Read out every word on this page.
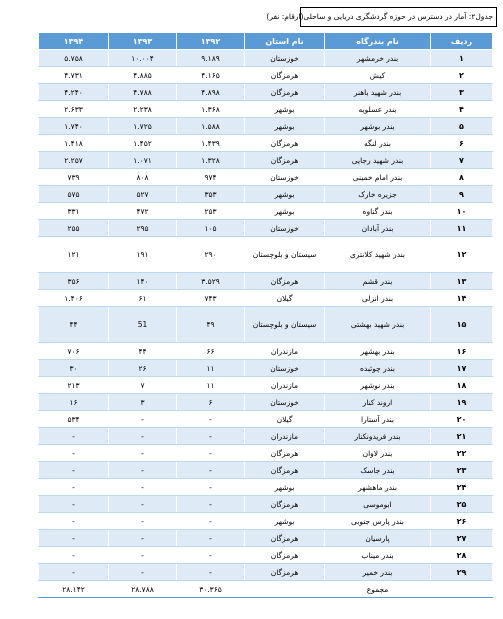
جدول۲: آمار در دسترس در حوزه گردشگری دریایی و ساحلی(ارقام: نفر)
ردیف	نام بندرگاه	نام استان	۱۳۹۲	۱۳۹۳	۱۳۹۴
۱	بندر خرمشهر	خوزستان	۹.۱۸۹	۱۰.۰۰۴	۵.۷۵۸
۲	کیش	هرمزگان	۴.۱۶۵	۴.۸۸۵	۴.۷۳۱
۳	بندر شهید باهنر	هرمزگان	۴.۸۹۸	۴.۷۸۸	۴.۲۴۰
۴	بندر عسلویه	بوشهر	۱.۳۶۸	۲.۲۳۸	۲.۶۳۳
۵	بندر بوشهر	بوشهر	۱.۵۸۸	۱.۷۲۵	۱.۷۴۰
۶	بندر لنگه	هرمزگان	۱.۴۳۹	۱.۴۵۲	۱.۴۱۸
۷	بندر شهید رجایی	هرمزگان	۱.۳۲۸	۱.۰۷۱	۲.۲۵۷
۸	بندر امام خمینی	خوزستان	۹۷۴	۸۰۸	۷۳۹
۹	جزیره خارک	بوشهر	۳۵۳	۵۲۷	۵۷۵
۱۰	بندر گناوه	بوشهر	۲۵۳	۴۷۲	۳۳۱
۱۱	بندر آبادان	خوزستان	۱۰۵	۲۹۵	۲۵۵
۱۲	بندر شهید کلانتری	سیستان و بلوچستان	۲۹۰	۱۹۱	۱۲۱
۱۳	بندر قشم	هرمزگان	۳.۵۲۹	۱۴۰	۳۵۶
۱۴	بندر انزلی	گیلان	۷۴۳	۶۱	۱.۴۰۶
۱۵	بندر شهید بهشتی	سیستان و بلوچستان	۴۹	51	۴۴
۱۶	بندر بهشهر	مازندران	۶۶	۴۴	۷۰۶
۱۷	بندر چوئبده	خوزستان	۱۱	۲۶	۳۰
۱۸	بندر نوشهر	مازندران	۱۱	۷	۲۱۳
۱۹	اروند کنار	خوزستان	۶	۳	۱۶
۲۰	بندر آستارا	گیلان	-	-	۵۳۴
۲۱	بندر فریدونکنار	مازندران	-	-	-
۲۲	بندر لاوان	هرمزگان	-	-	-
۲۳	بندر جاسک	هرمزگان	-	-	-
۲۴	بندر ماهشهر	بوشهر	-	-	-
۲۵	ابوموسی	هرمزگان	-	-	-
۲۶	بندر پارس جنوبی	بوشهر	-	-	-
۲۷	پارسیان	هرمزگان	-	-	-
۲۸	بندر میناب	هرمزگان	-	-	-
۲۹	بندر خمیر	هرمزگان	-	-	-
	مجموع		۳۰.۳۶۵	۲۸.۷۸۸	۲۸.۱۴۲
